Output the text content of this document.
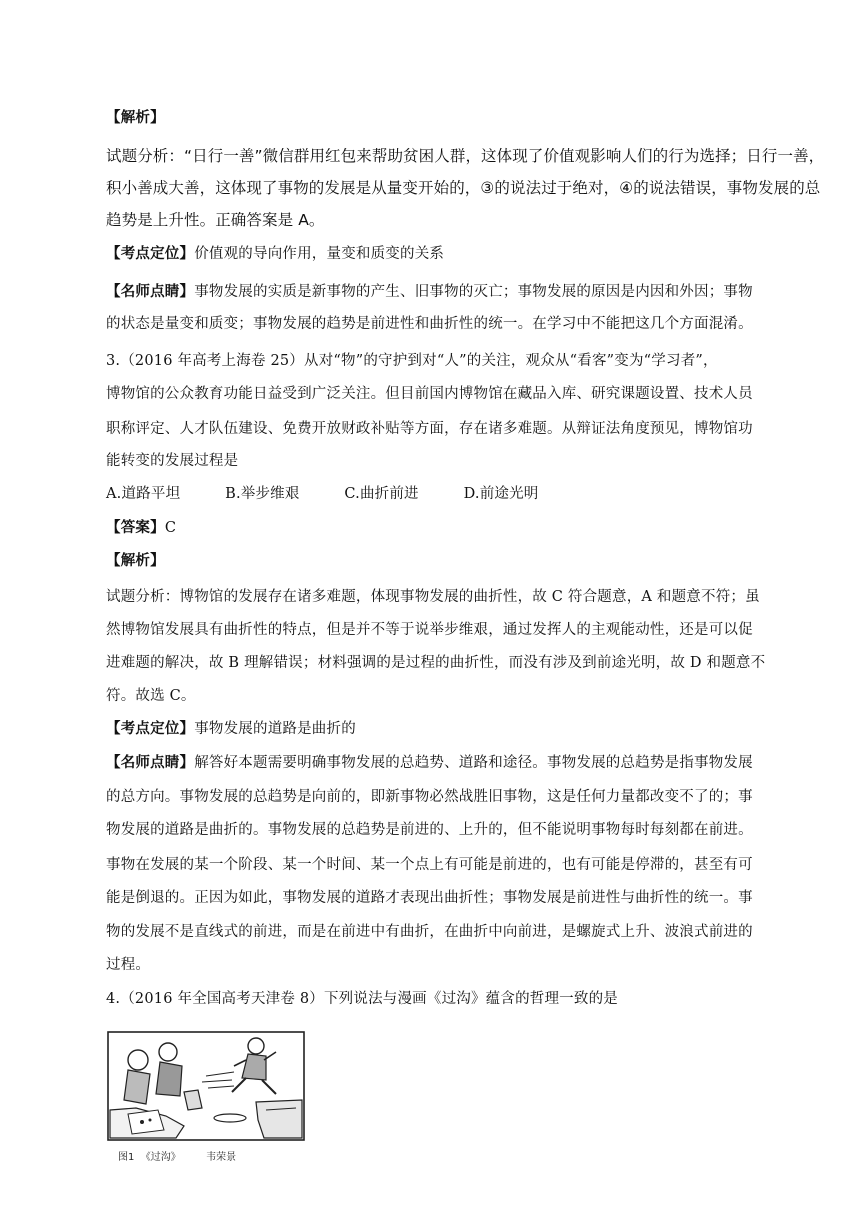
【解析】
试题分析：“日行一善”微信群用红包来帮助贫困人群，这体现了价值观影响人们的行为选择；日行一善，
积小善成大善，这体现了事物的发展是从量变开始的，③的说法过于绝对，④的说法错误，事物发展的总
趋势是上升性。正确答案是 A。
【考点定位】价值观的导向作用，量变和质变的关系
【名师点睛】事物发展的实质是新事物的产生、旧事物的灭亡；事物发展的原因是内因和外因；事物
的状态是量变和质变；事物发展的趋势是前进性和曲折性的统一。在学习中不能把这几个方面混淆。
3.（2016 年高考上海卷 25）从对“物”的守护到对“人”的关注，观众从“看客”变为“学习者”，
博物馆的公众教育功能日益受到广泛关注。但目前国内博物馆在藏品入库、研究课题设置、技术人员
职称评定、人才队伍建设、免费开放财政补贴等方面，存在诸多难题。从辩证法角度预见，博物馆功
能转变的发展过程是
A.道路平坦	B.举步维艰	C.曲折前进	D.前途光明
【答案】C
【解析】
试题分析：博物馆的发展存在诸多难题，体现事物发展的曲折性，故 C 符合题意，A 和题意不符；虽
然博物馆发展具有曲折性的特点，但是并不等于说举步维艰，通过发挥人的主观能动性，还是可以促
进难题的解决，故 B 理解错误；材料强调的是过程的曲折性，而没有涉及到前途光明，故 D 和题意不
符。故选 C。
【考点定位】事物发展的道路是曲折的
【名师点睛】解答好本题需要明确事物发展的总趋势、道路和途径。事物发展的总趋势是指事物发展
的总方向。事物发展的总趋势是向前的，即新事物必然战胜旧事物，这是任何力量都改变不了的；事
物发展的道路是曲折的。事物发展的总趋势是前进的、上升的，但不能说明事物每时每刻都在前进。
事物在发展的某一个阶段、某一个时间、某一个点上有可能是前进的，也有可能是停滞的，甚至有可
能是倒退的。正因为如此，事物发展的道路才表现出曲折性；事物发展是前进性与曲折性的统一。事
物的发展不是直线式的前进，而是在前进中有曲折，在曲折中向前进，是螺旋式上升、波浪式前进的
过程。
4.（2016 年全国高考天津卷 8）下列说法与漫画《过沟》蕴含的哲理一致的是
图1  《过沟》        韦荣景
